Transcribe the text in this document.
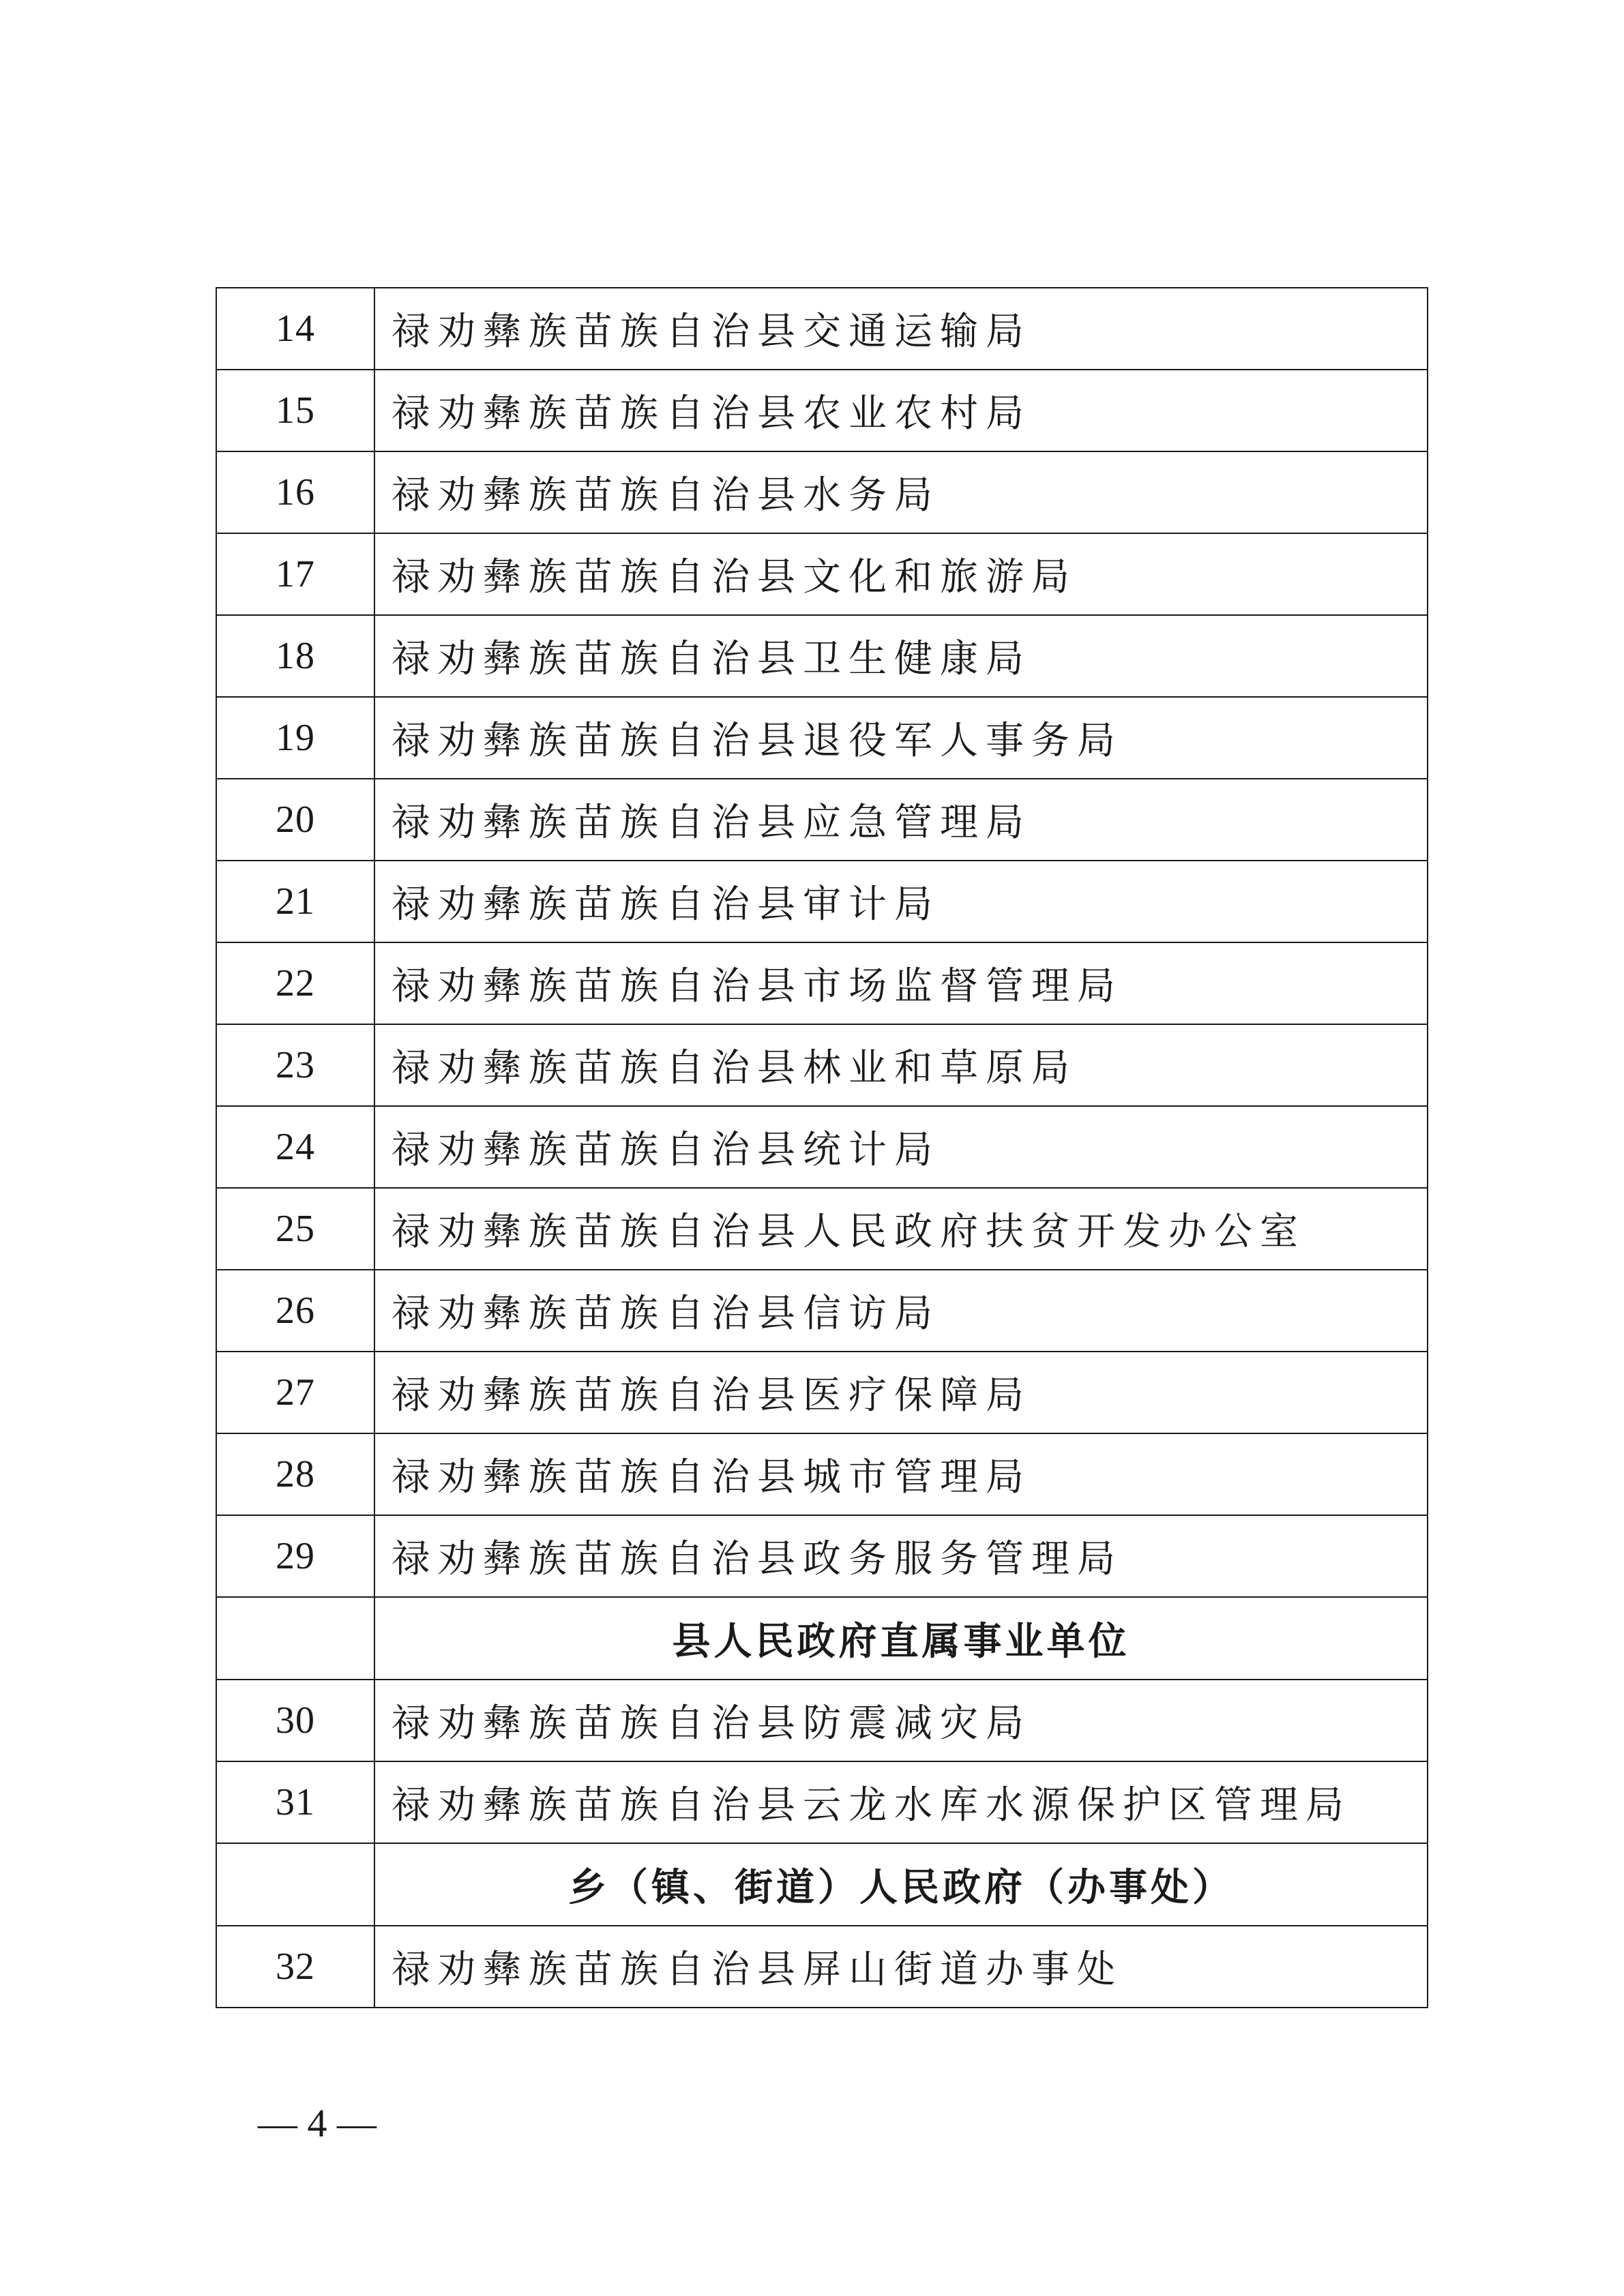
14	禄劝彝族苗族自治县交通运输局
15	禄劝彝族苗族自治县农业农村局
16	禄劝彝族苗族自治县水务局
17	禄劝彝族苗族自治县文化和旅游局
18	禄劝彝族苗族自治县卫生健康局
19	禄劝彝族苗族自治县退役军人事务局
20	禄劝彝族苗族自治县应急管理局
21	禄劝彝族苗族自治县审计局
22	禄劝彝族苗族自治县市场监督管理局
23	禄劝彝族苗族自治县林业和草原局
24	禄劝彝族苗族自治县统计局
25	禄劝彝族苗族自治县人民政府扶贫开发办公室
26	禄劝彝族苗族自治县信访局
27	禄劝彝族苗族自治县医疗保障局
28	禄劝彝族苗族自治县城市管理局
29	禄劝彝族苗族自治县政务服务管理局
	县人民政府直属事业单位
30	禄劝彝族苗族自治县防震减灾局
31	禄劝彝族苗族自治县云龙水库水源保护区管理局
	乡（镇、街道）人民政府（办事处）
32	禄劝彝族苗族自治县屏山街道办事处
— 4 —
